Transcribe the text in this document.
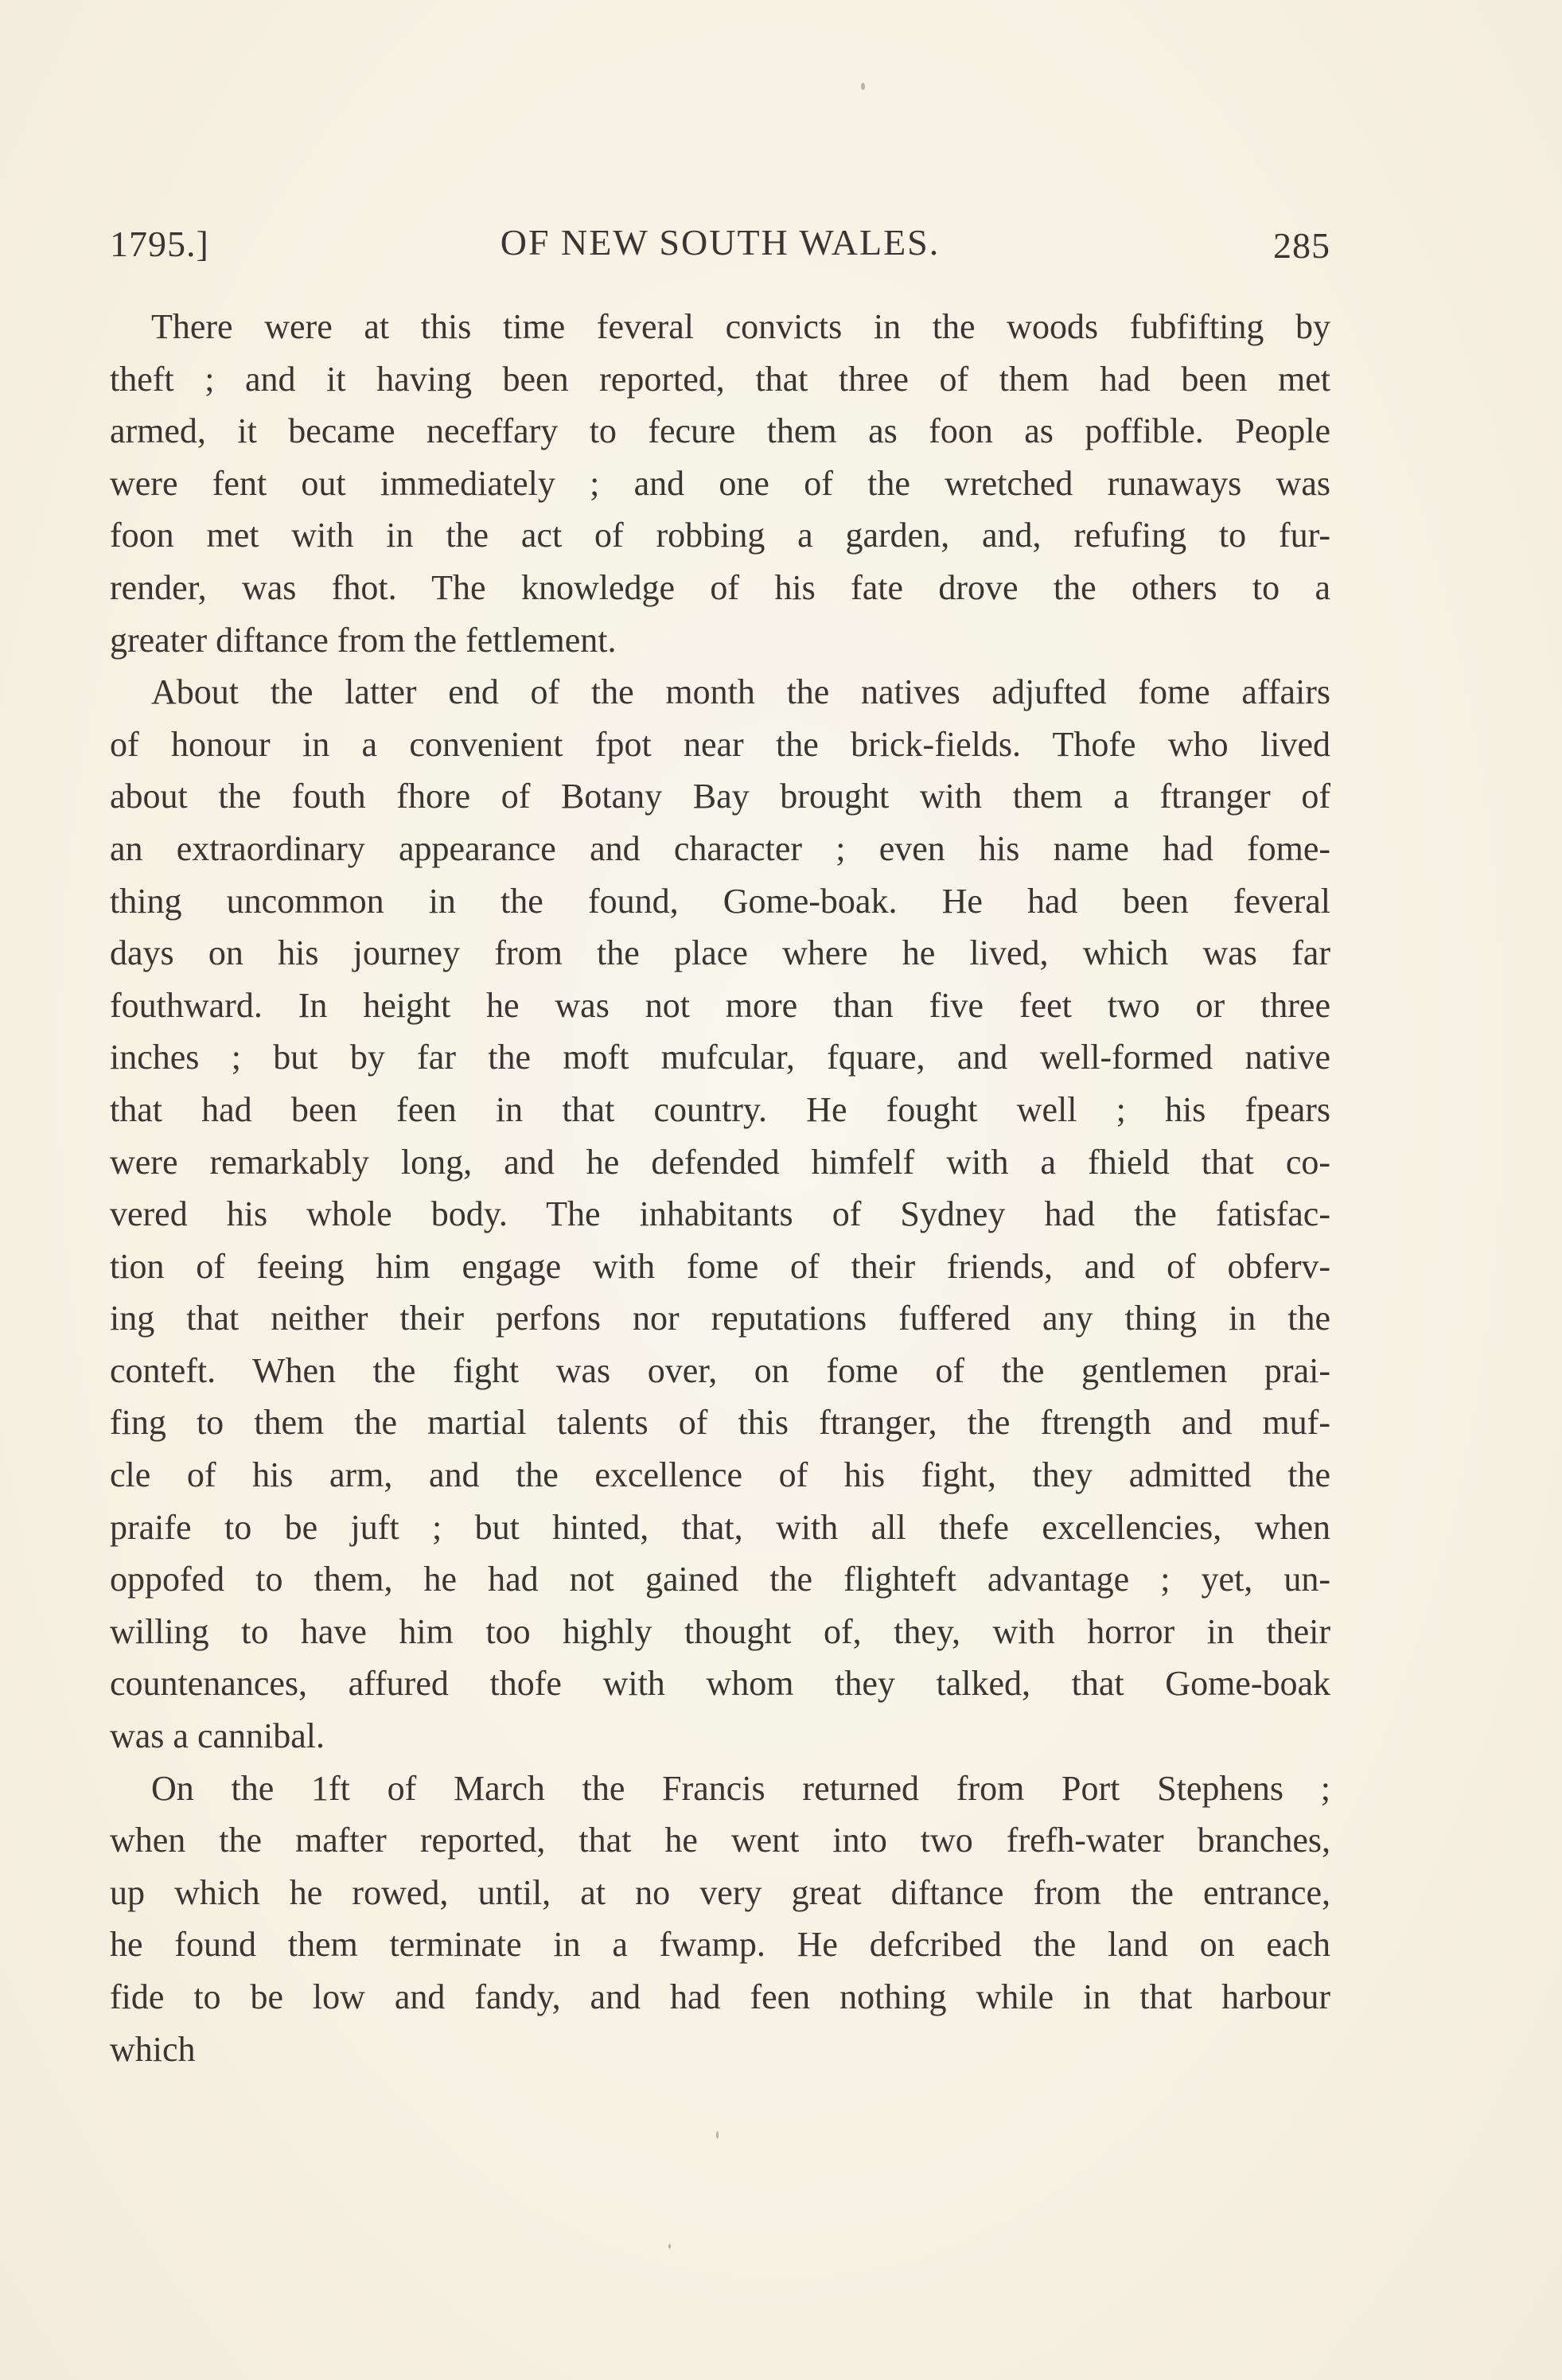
1795.]	OF NEW SOUTH WALES.	285

There were at this time feveral convicts in the woods fubfifting by
theft ; and it having been reported, that three of them had been met
armed, it became neceffary to fecure them as foon as poffible. People
were fent out immediately ; and one of the wretched runaways was
foon met with in the act of robbing a garden, and, refufing to fur-
render, was fhot. The knowledge of his fate drove the others to a
greater diftance from the fettlement.

About the latter end of the month the natives adjufted fome affairs
of honour in a convenient fpot near the brick-fields. Thofe who lived
about the fouth fhore of Botany Bay brought with them a ftranger of
an extraordinary appearance and character ; even his name had fome-
thing uncommon in the found, Gome-boak. He had been feveral
days on his journey from the place where he lived, which was far
fouthward. In height he was not more than five feet two or three
inches ; but by far the moft mufcular, fquare, and well-formed native
that had been feen in that country. He fought well ; his fpears
were remarkably long, and he defended himfelf with a fhield that co-
vered his whole body. The inhabitants of Sydney had the fatisfac-
tion of feeing him engage with fome of their friends, and of obferv-
ing that neither their perfons nor reputations fuffered any thing in the
conteft. When the fight was over, on fome of the gentlemen prai-
fing to them the martial talents of this ftranger, the ftrength and muf-
cle of his arm, and the excellence of his fight, they admitted the
praife to be juft ; but hinted, that, with all thefe excellencies, when
oppofed to them, he had not gained the flighteft advantage ; yet, un-
willing to have him too highly thought of, they, with horror in their
countenances, affured thofe with whom they talked, that Gome-boak
was a cannibal.

On the 1ft of March the Francis returned from Port Stephens ;
when the mafter reported, that he went into two frefh-water branches,
up which he rowed, until, at no very great diftance from the entrance,
he found them terminate in a fwamp. He defcribed the land on each
fide to be low and fandy, and had feen nothing while in that harbour
which
